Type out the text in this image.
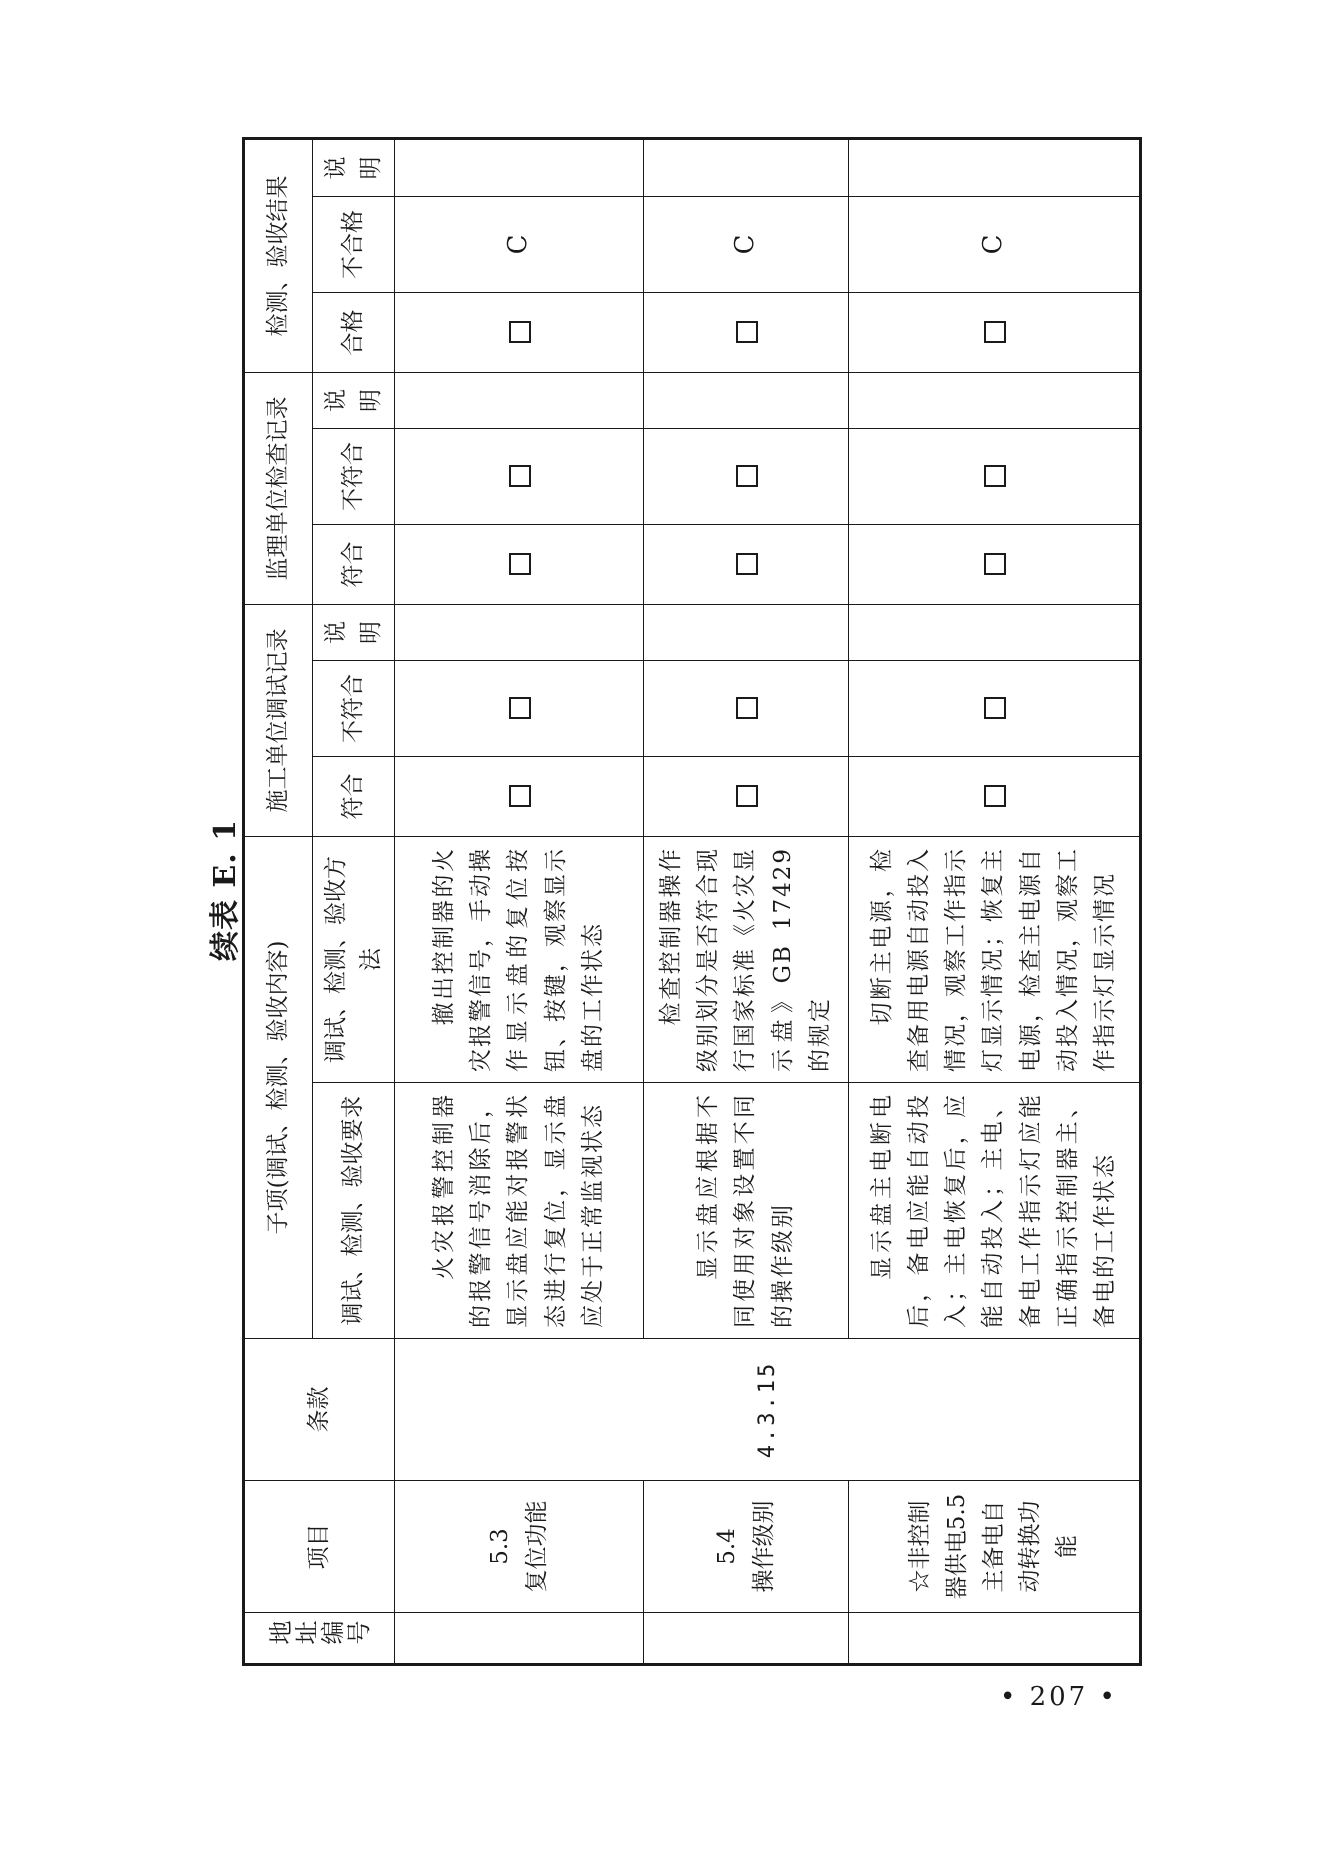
续表 E. 1
地址编号	项目	条款	子项(调试、检测、验收内容)		施工单位调试记录			监理单位检查记录			检测、验收结果		
			调试、检测、验收要求	调试、检测、验收方法	符合	不符合	说明	符合	不符合	说明	合格	不合格	说明

	5.3 复位功能	4.3.15	火灾报警控制器的报警信号消除后，显示盘应能对报警状态进行复位，显示盘应处于正常监视状态	撤出控制器的火灾报警信号，手动操作显示盘的复位按钮、按键，观察显示盘的工作状态								C	

	5.4 操作级别		显示盘应根据不同使用对象设置不同的操作级别	检查控制器操作级别划分是否符合现行国家标准《火灾显示盘》GB 17429的规定								C	

	☆非控制器供电5.5主备电自动转换功能		显示盘主电断电后，备电应能自动投入；主电恢复后，应能自动投入；主电、备电工作指示灯应能正确指示控制器主、备电的工作状态	切断主电源，检查备用电源自动投入情况，观察工作指示灯显示情况；恢复主电源，检查主电源自动投入情况，观察工作指示灯显示情况								C	
• 207 •
